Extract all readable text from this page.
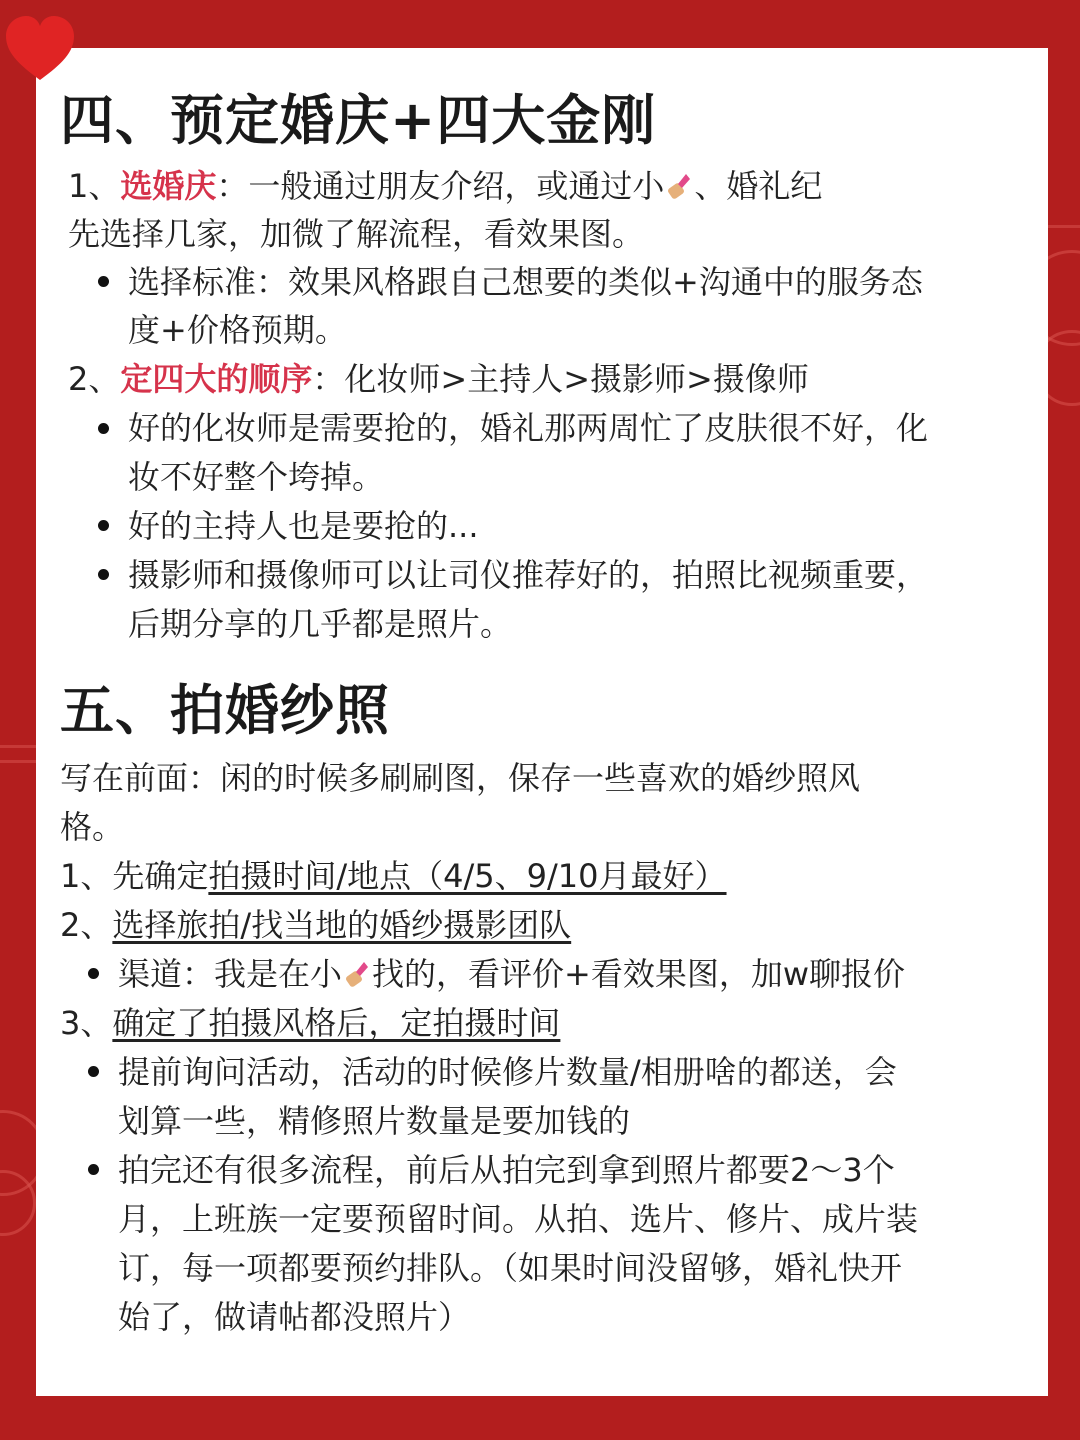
四、预定婚庆+四大金刚
1、选婚庆：一般通过朋友介绍，或通过小 、婚礼纪
先选择几家，加微了解流程，看效果图。
选择标准：效果风格跟自己想要的类似+沟通中的服务态
度+价格预期。
2、定四大的顺序：化妆师>主持人>摄影师>摄像师
好的化妆师是需要抢的，婚礼那两周忙了皮肤很不好，化
妆不好整个垮掉。
好的主持人也是要抢的...
摄影师和摄像师可以让司仪推荐好的，拍照比视频重要，
后期分享的几乎都是照片。
五、拍婚纱照
写在前面：闲的时候多刷刷图，保存一些喜欢的婚纱照风
格。
1、先确定拍摄时间/地点（4/5、9/10月最好）
2、选择旅拍/找当地的婚纱摄影团队
渠道：我是在小 找的，看评价+看效果图，加w聊报价
3、确定了拍摄风格后，定拍摄时间
提前询问活动，活动的时候修片数量/相册啥的都送，会
划算一些，精修照片数量是要加钱的
拍完还有很多流程，前后从拍完到拿到照片都要2～3个
月，上班族一定要预留时间。从拍、选片、修片、成片装
订，每一项都要预约排队。（如果时间没留够，婚礼快开
始了，做请帖都没照片）
